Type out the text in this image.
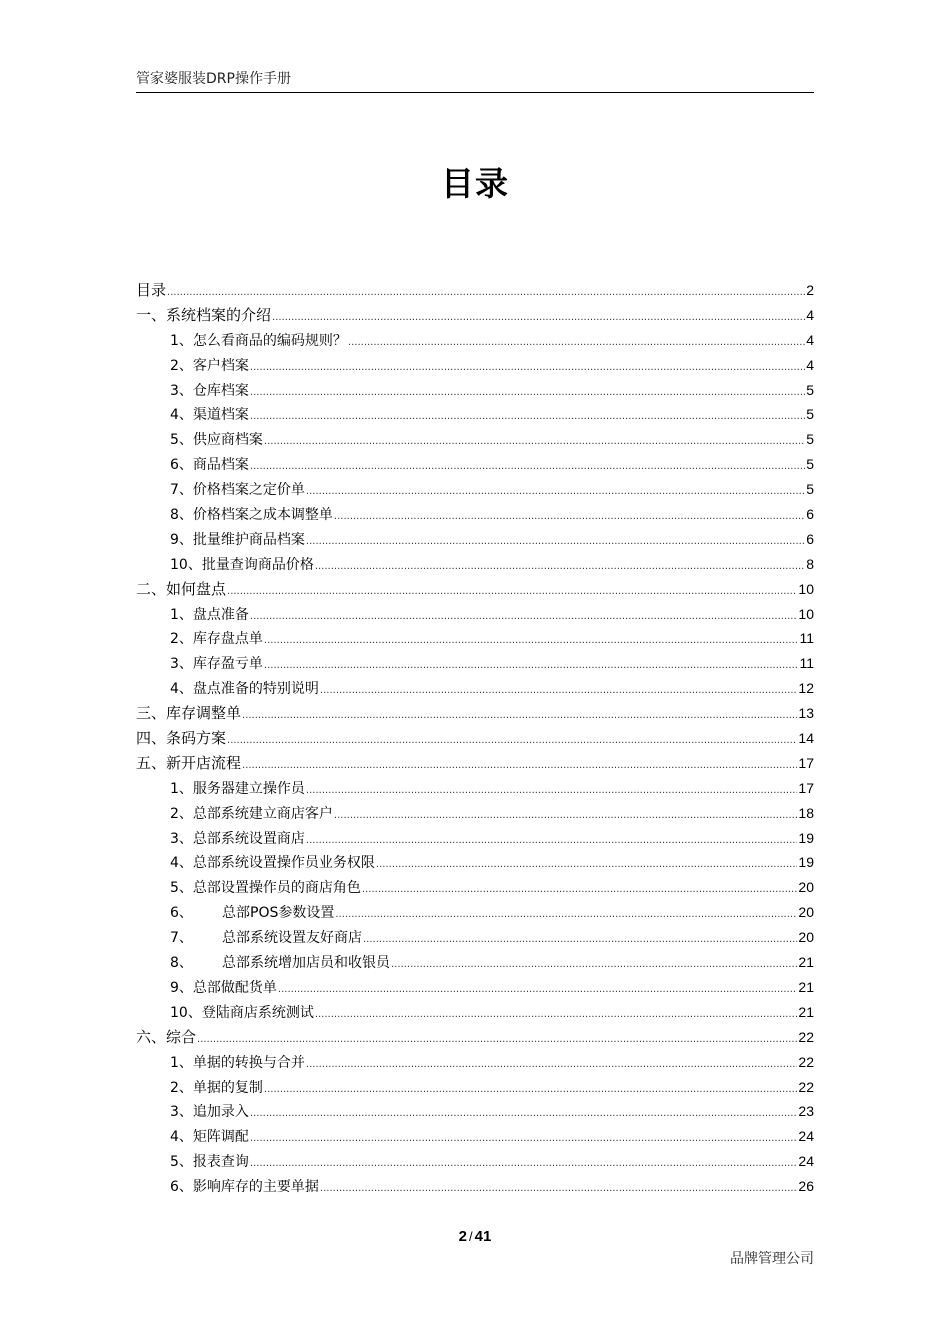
管家婆服装DRP操作手册
目录
目录 .....	2
一、系统档案的介绍 .....	4
1、怎么看商品的编码规则？ .....	4
2、客户档案 .....	4
3、仓库档案 .....	5
4、渠道档案 .....	5
5、供应商档案 .....	5
6、商品档案 .....	5
7、价格档案之定价单 .....	5
8、价格档案之成本调整单 .....	6
9、批量维护商品档案 .....	6
10、批量查询商品价格 .....	8
二、如何盘点 .....	10
1、盘点准备 .....	10
2、库存盘点单 .....	11
3、库存盈亏单 .....	11
4、盘点准备的特别说明 .....	12
三、库存调整单 .....	13
四、条码方案 .....	14
五、新开店流程 .....	17
1、服务器建立操作员 .....	17
2、总部系统建立商店客户 .....	18
3、总部系统设置商店 .....	19
4、总部系统设置操作员业务权限 .....	19
5、总部设置操作员的商店角色 .....	20
6、 总部POS参数设置 .....	20
7、 总部系统设置友好商店 .....	20
8、 总部系统增加店员和收银员 .....	21
9、总部做配货单 .....	21
10、登陆商店系统测试 .....	21
六、综合 .....	22
1、单据的转换与合并 .....	22
2、单据的复制 .....	22
3、追加录入 .....	23
4、矩阵调配 .....	24
5、报表查询 .....	24
6、影响库存的主要单据 .....	26
2 / 41
品牌管理公司
